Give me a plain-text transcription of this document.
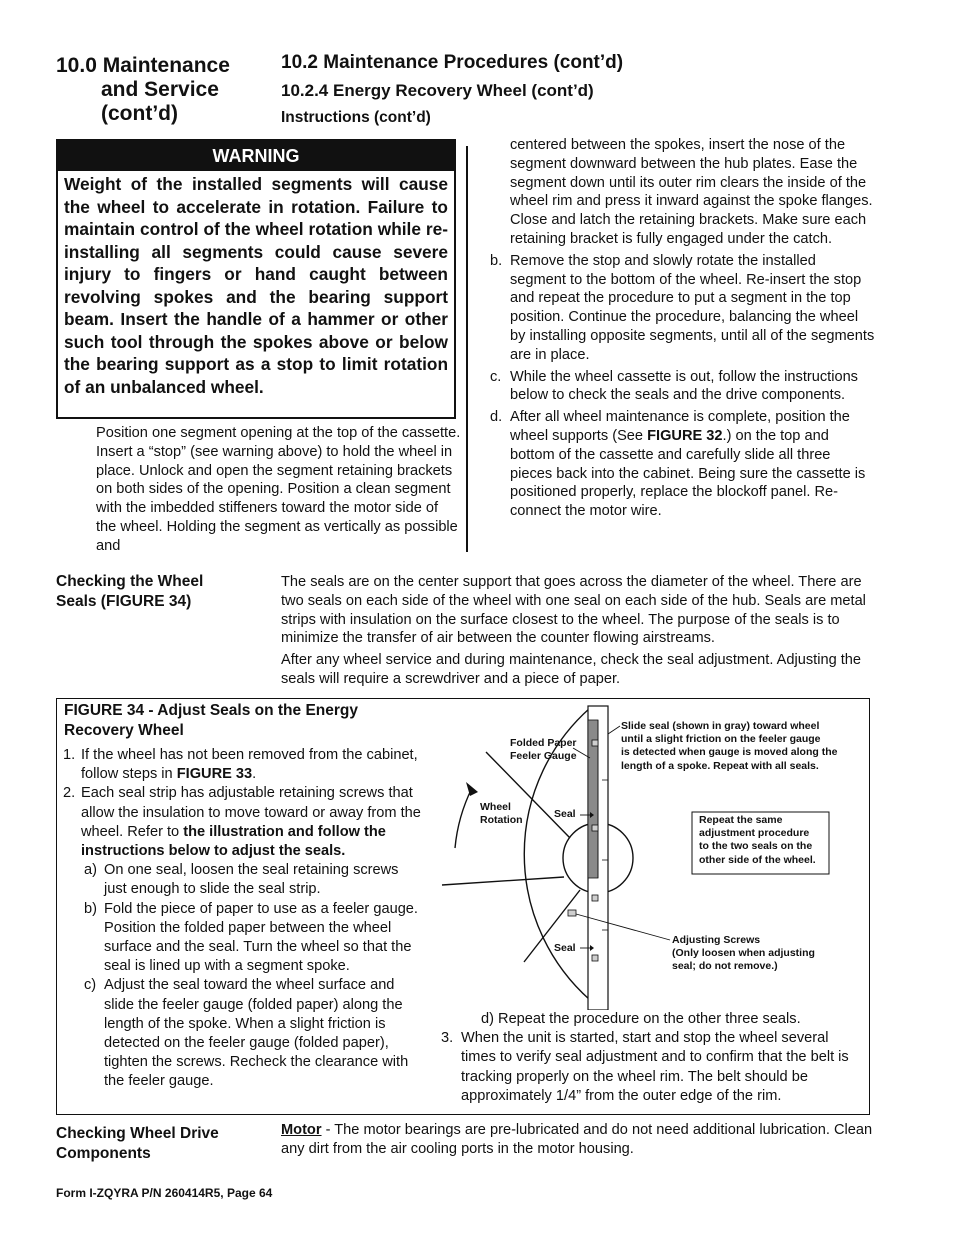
10.0 Maintenance
and Service
(cont’d)
10.2 Maintenance Procedures (cont’d)
10.2.4 Energy Recovery Wheel (cont’d)
Instructions (cont’d)
WARNING
Weight of the installed segments will cause the wheel to accelerate in rotation. Failure to maintain control of the wheel rotation while re-installing all segments could cause severe injury to fingers or hand caught between revolving spokes and the bearing support beam. Insert the handle of a hammer or other such tool through the spokes above or below the bearing support as a stop to limit rotation of an unbalanced wheel.
Position one segment opening at the top of the cassette. Insert a “stop” (see warning above) to hold the wheel in place. Unlock and open the segment retaining brackets on both sides of the opening. Position a clean segment with the imbedded stiffeners toward the motor side of the wheel. Holding the segment as vertically as possible and
centered between the spokes, insert the nose of the segment downward between the hub plates. Ease the segment down until its outer rim clears the inside of the wheel rim and press it inward against the spoke flanges. Close and latch the retaining brackets. Make sure each retaining bracket is fully engaged under the catch.
b. Remove the stop and slowly rotate the installed segment to the bottom of the wheel. Re-insert the stop and repeat the procedure to put a segment in the top position. Continue the procedure, balancing the wheel by installing opposite segments, until all of the segments are in place.
c. While the wheel cassette is out, follow the instructions below to check the seals and the drive components.
d. After all wheel maintenance is complete, position the wheel supports (See FIGURE 32.) on the top and bottom of the cassette and carefully slide all three pieces back into the cabinet. Being sure the cassette is positioned properly, replace the blockoff panel. Re-connect the motor wire.
Checking the Wheel
Seals (FIGURE 34)
The seals are on the center support that goes across the diameter of the wheel. There are two seals on each side of the wheel with one seal on each side of the hub. Seals are metal strips with insulation on the surface closest to the wheel. The purpose of the seals is to minimize the transfer of air between the counter flowing airstreams.
After any wheel service and during maintenance, check the seal adjustment. Adjusting the seals will require a screwdriver and a piece of paper.
FIGURE 34 - Adjust Seals on the Energy
Recovery Wheel
1. If the wheel has not been removed from the cabinet, follow steps in FIGURE 33.
2. Each seal strip has adjustable retaining screws that allow the insulation to move toward or away from the wheel. Refer to the illustration and follow the instructions below to adjust the seals.
a) On one seal, loosen the seal retaining screws just enough to slide the seal strip.
b) Fold the piece of paper to use as a feeler gauge. Position the folded paper between the wheel surface and the seal. Turn the wheel so that the seal is lined up with a segment spoke.
c) Adjust the seal toward the wheel surface and slide the feeler gauge (folded paper) along the length of the spoke. When a slight friction is detected on the feeler gauge (folded paper), tighten the screws. Recheck the clearance with the feeler gauge.
Folded Paper
Feeler Gauge
Wheel
Rotation
Seal
Seal
Slide seal (shown in gray) toward wheel
until a slight friction on the feeler gauge
is detected when gauge is moved along the
length of a spoke. Repeat with all seals.
Repeat the same
adjustment procedure
to the two seals on the
other side of the wheel.
Adjusting Screws
(Only loosen when adjusting
seal; do not remove.)
d) Repeat the procedure on the other three seals.
3. When the unit is started, start and stop the wheel several times to verify seal adjustment and to confirm that the belt is tracking properly on the wheel rim. The belt should be approximately 1/4” from the outer edge of the rim.
Checking Wheel Drive
Components
Motor - The motor bearings are pre-lubricated and do not need additional lubrication. Clean any dirt from the air cooling ports in the motor housing.
Form I-ZQYRA P/N 260414R5, Page 64
